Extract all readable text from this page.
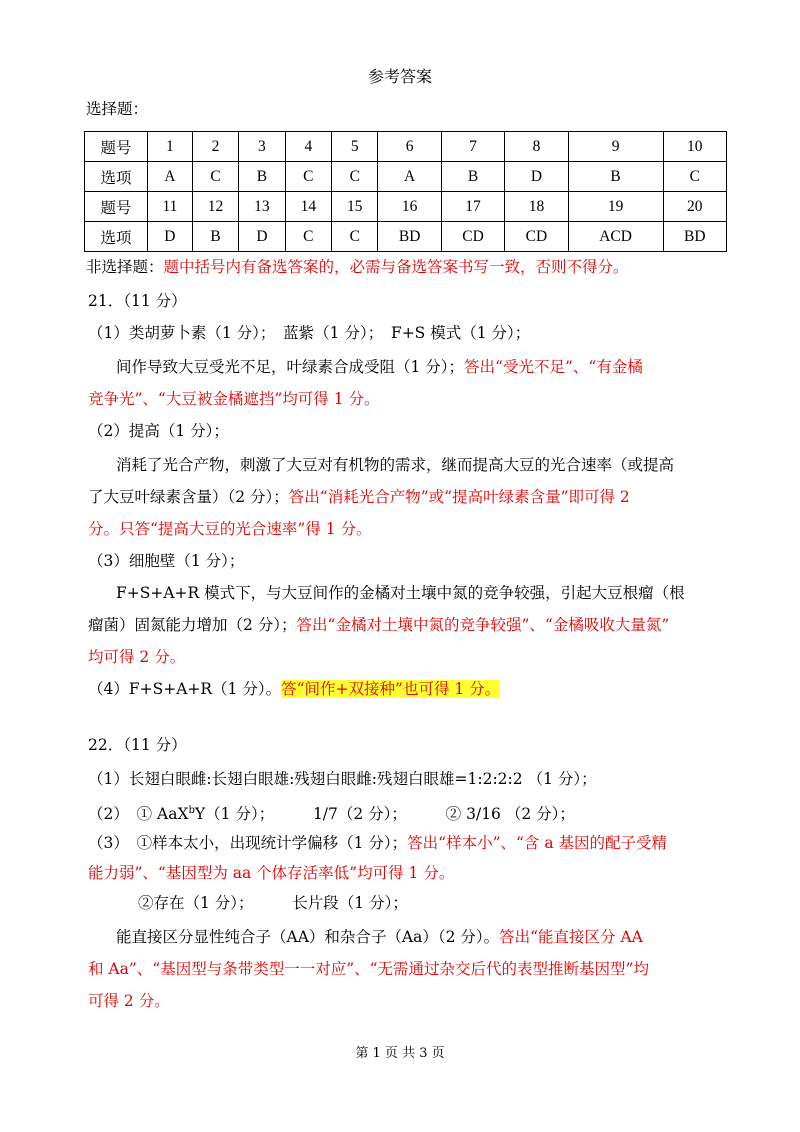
参考答案
选择题：
题号	1	2	3	4	5	6	7	8	9	10
选项	A	C	B	C	C	A	B	D	B	C
题号	11	12	13	14	15	16	17	18	19	20
选项	D	B	D	C	C	BD	CD	CD	ACD	BD
非选择题：题中括号内有备选答案的，必需与备选答案书写一致，否则不得分。
21．（11 分）
（1）类胡萝卜素（1 分）；　蓝紫（1 分）；　F+S 模式（1 分）；
间作导致大豆受光不足，叶绿素合成受阻（1 分）；答出“受光不足”、“有金橘
竞争光”、“大豆被金橘遮挡”均可得 1 分。
（2）提高（1 分）；
消耗了光合产物，刺激了大豆对有机物的需求，继而提高大豆的光合速率（或提高
了大豆叶绿素含量）（2 分）；答出“消耗光合产物”或“提高叶绿素含量”即可得 2
分。只答“提高大豆的光合速率”得 1 分。
（3）细胞壁（1 分）；
F+S+A+R 模式下，与大豆间作的金橘对土壤中氮的竞争较强，引起大豆根瘤（根
瘤菌）固氮能力增加（2 分）；答出“金橘对土壤中氮的竞争较强”、“金橘吸收大量氮”
均可得 2 分。
（4）F+S+A+R（1 分）。答“间作+双接种”也可得 1 分。
22．（11 分）
（1）长翅白眼雌:长翅白眼雄:残翅白眼雌:残翅白眼雄=1:2:2:2 （1 分）；
（2）　① AaX$^b$Y（1 分）；　　　1/7（2 分）；　　　② 3/16 （2 分）；
（3）　①样本太小，出现统计学偏移（1 分）；答出“样本小”、“含 a 基因的配子受精
能力弱”、“基因型为 aa 个体存活率低”均可得 1 分。
②存在（1 分）；　　　长片段（1 分）；
能直接区分显性纯合子（AA）和杂合子（Aa）（2 分）。答出“能直接区分 AA
和 Aa”、“基因型与条带类型一一对应”、“无需通过杂交后代的表型推断基因型”均
可得 2 分。
第 1 页 共 3 页
